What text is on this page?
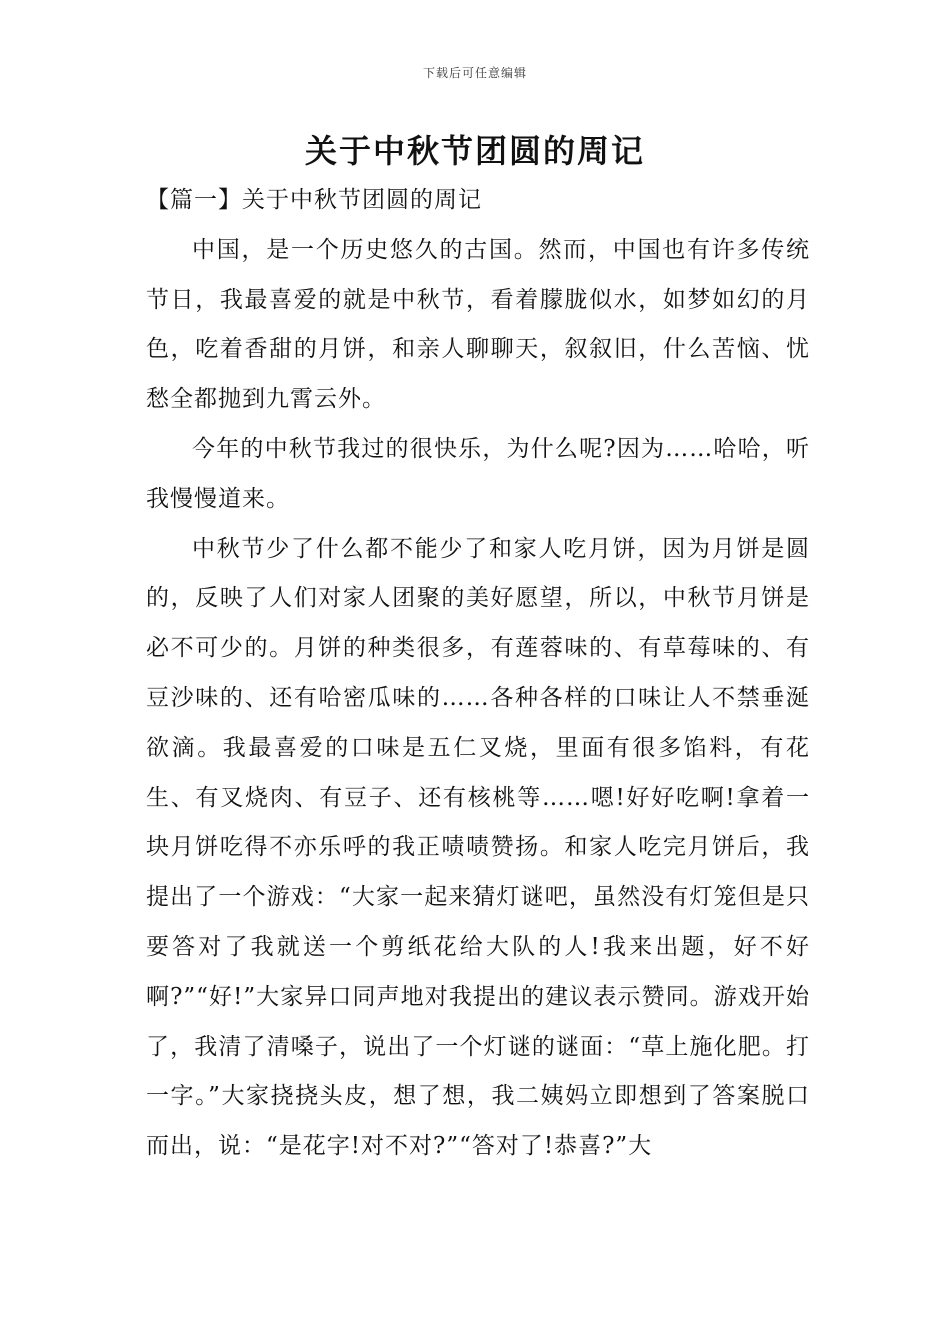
下载后可任意编辑
关于中秋节团圆的周记
【篇一】关于中秋节团圆的周记

中国，是一个历史悠久的古国。然而，中国也有许多传统节日，我最喜爱的就是中秋节，看着朦胧似水，如梦如幻的月色，吃着香甜的月饼，和亲人聊聊天，叙叙旧，什么苦恼、忧愁全都抛到九霄云外。

今年的中秋节我过的很快乐，为什么呢?因为……哈哈，听我慢慢道来。

中秋节少了什么都不能少了和家人吃月饼，因为月饼是圆的，反映了人们对家人团聚的美好愿望，所以，中秋节月饼是必不可少的。月饼的种类很多，有莲蓉味的、有草莓味的、有豆沙味的、还有哈密瓜味的……各种各样的口味让人不禁垂涎欲滴。我最喜爱的口味是五仁叉烧，里面有很多馅料，有花生、有叉烧肉、有豆子、还有核桃等……嗯!好好吃啊!拿着一块月饼吃得不亦乐呼的我正啧啧赞扬。和家人吃完月饼后，我提出了一个游戏：“大家一起来猜灯谜吧，虽然没有灯笼但是只要答对了我就送一个剪纸花给大队的人!我来出题，好不好啊?”“好!”大家异口同声地对我提出的建议表示赞同。游戏开始了，我清了清嗓子，说出了一个灯谜的谜面：“草上施化肥。打一字。”大家挠挠头皮，想了想，我二姨妈立即想到了答案脱口而出，说：“是花字!对不对?”“答对了!恭喜?”大
